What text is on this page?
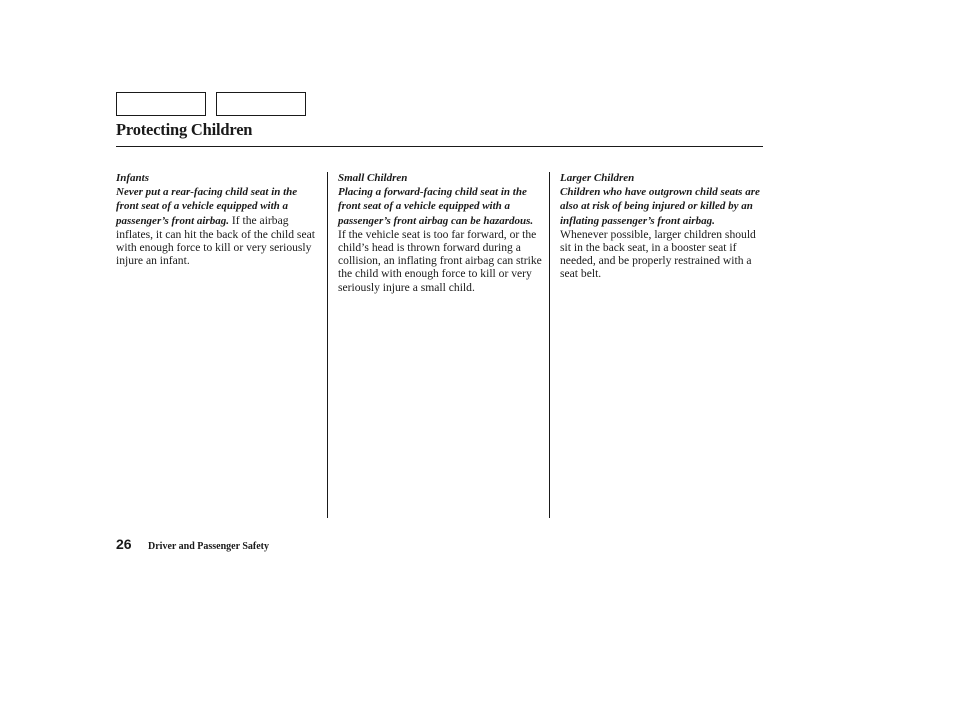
Protecting Children
Infants
Never put a rear-facing child seat in the front seat of a vehicle equipped with a passenger’s front airbag. If the airbag inflates, it can hit the back of the child seat with enough force to kill or very seriously injure an infant.
Small Children
Placing a forward-facing child seat in the front seat of a vehicle equipped with a passenger’s front airbag can be hazardous. If the vehicle seat is too far forward, or the child’s head is thrown forward during a collision, an inflating front airbag can strike the child with enough force to kill or very seriously injure a small child.
Larger Children
Children who have outgrown child seats are also at risk of being injured or killed by an inflating passenger’s front airbag. Whenever possible, larger children should sit in the back seat, in a booster seat if needed, and be properly restrained with a seat belt.
26 Driver and Passenger Safety
